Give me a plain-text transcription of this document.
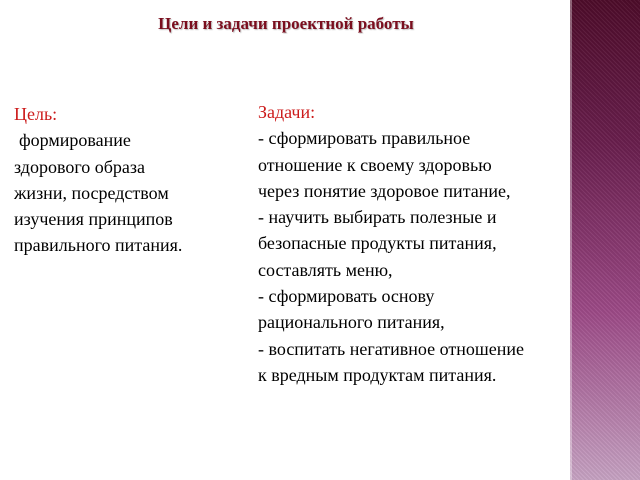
Цели и задачи проектной работы
Цель:
формирование
здорового образа
жизни, посредством
изучения принципов
правильного питания.
Задачи:
- сформировать правильное
отношение к своему здоровью
через понятие здоровое питание,
- научить выбирать полезные и
безопасные продукты питания,
составлять меню,
- сформировать основу
рационального питания,
- воспитать негативное отношение
к вредным продуктам питания.
